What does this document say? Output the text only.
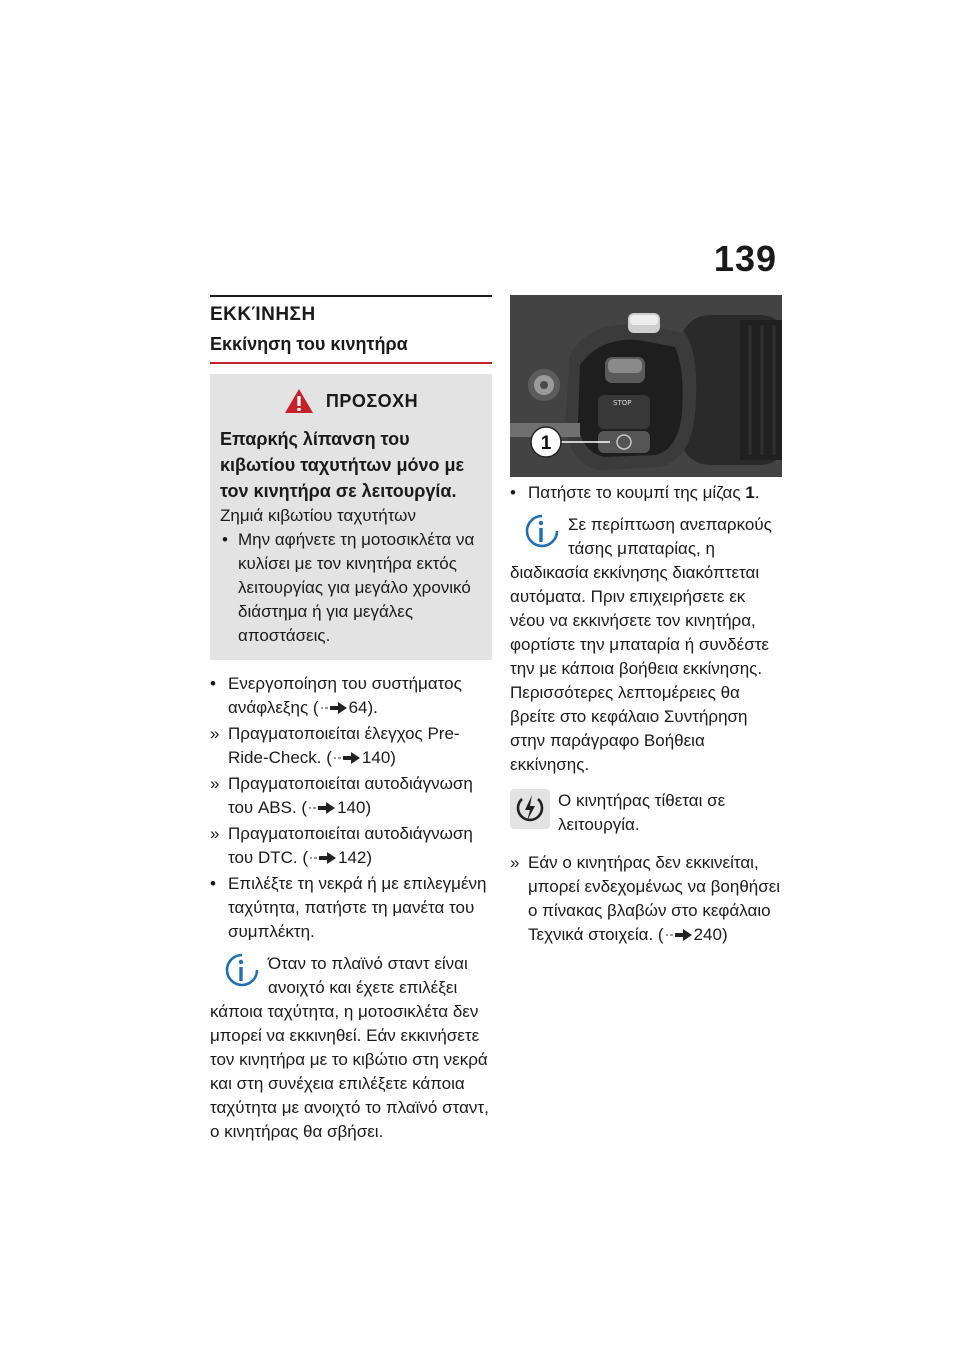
139
ΕΚΚΊΝΗΣΗ
Εκκίνηση του κινητήρα
ΠΡΟΣΟΧΗ
Επαρκής λίπανση του κιβωτίου ταχυτήτων μόνο με τον κινητήρα σε λειτουργία.
Ζημιά κιβωτίου ταχυτήτων
• Μην αφήνετε τη μοτοσικλέτα να κυλίσει με τον κινητήρα εκτός λειτουργίας για μεγάλο χρονικό διάστημα ή για μεγάλες αποστάσεις.
• Ενεργοποίηση του συστήματος ανάφλεξης ( 64).
» Πραγματοποιείται έλεγχος Pre-Ride-Check. ( 140)
» Πραγματοποιείται αυτοδιάγνωση του ABS. ( 140)
» Πραγματοποιείται αυτοδιάγνωση του DTC. ( 142)
• Επιλέξτε τη νεκρά ή με επιλεγμένη ταχύτητα, πατήστε τη μανέτα του συμπλέκτη.

Όταν το πλαϊνό σταντ είναι ανοιχτό και έχετε επιλέξει κάποια ταχύτητα, η μοτοσικλέτα δεν μπορεί να εκκινηθεί. Εάν εκκινήσετε τον κινητήρα με το κιβώτιο στη νεκρά και στη συνέχεια επιλέξετε κάποια ταχύτητα με ανοιχτό το πλαϊνό σταντ, ο κινητήρας θα σβήσει.

STOP
1
• Πατήστε το κουμπί της μίζας 1.

Σε περίπτωση ανεπαρκούς τάσης μπαταρίας, η διαδικασία εκκίνησης διακόπτεται αυτόματα. Πριν επιχειρήσετε εκ νέου να εκκινήσετε τον κινητήρα, φορτίστε την μπαταρία ή συνδέστε την με κάποια βοήθεια εκκίνησης.

Περισσότερες λεπτομέρειες θα βρείτε στο κεφάλαιο Συντήρηση στην παράγραφο Βοήθεια εκκίνησης.

Ο κινητήρας τίθεται σε λειτουργία.

» Εάν ο κινητήρας δεν εκκινείται, μπορεί ενδεχομένως να βοηθήσει ο πίνακας βλαβών στο κεφάλαιο Τεχνικά στοιχεία. ( 240)
